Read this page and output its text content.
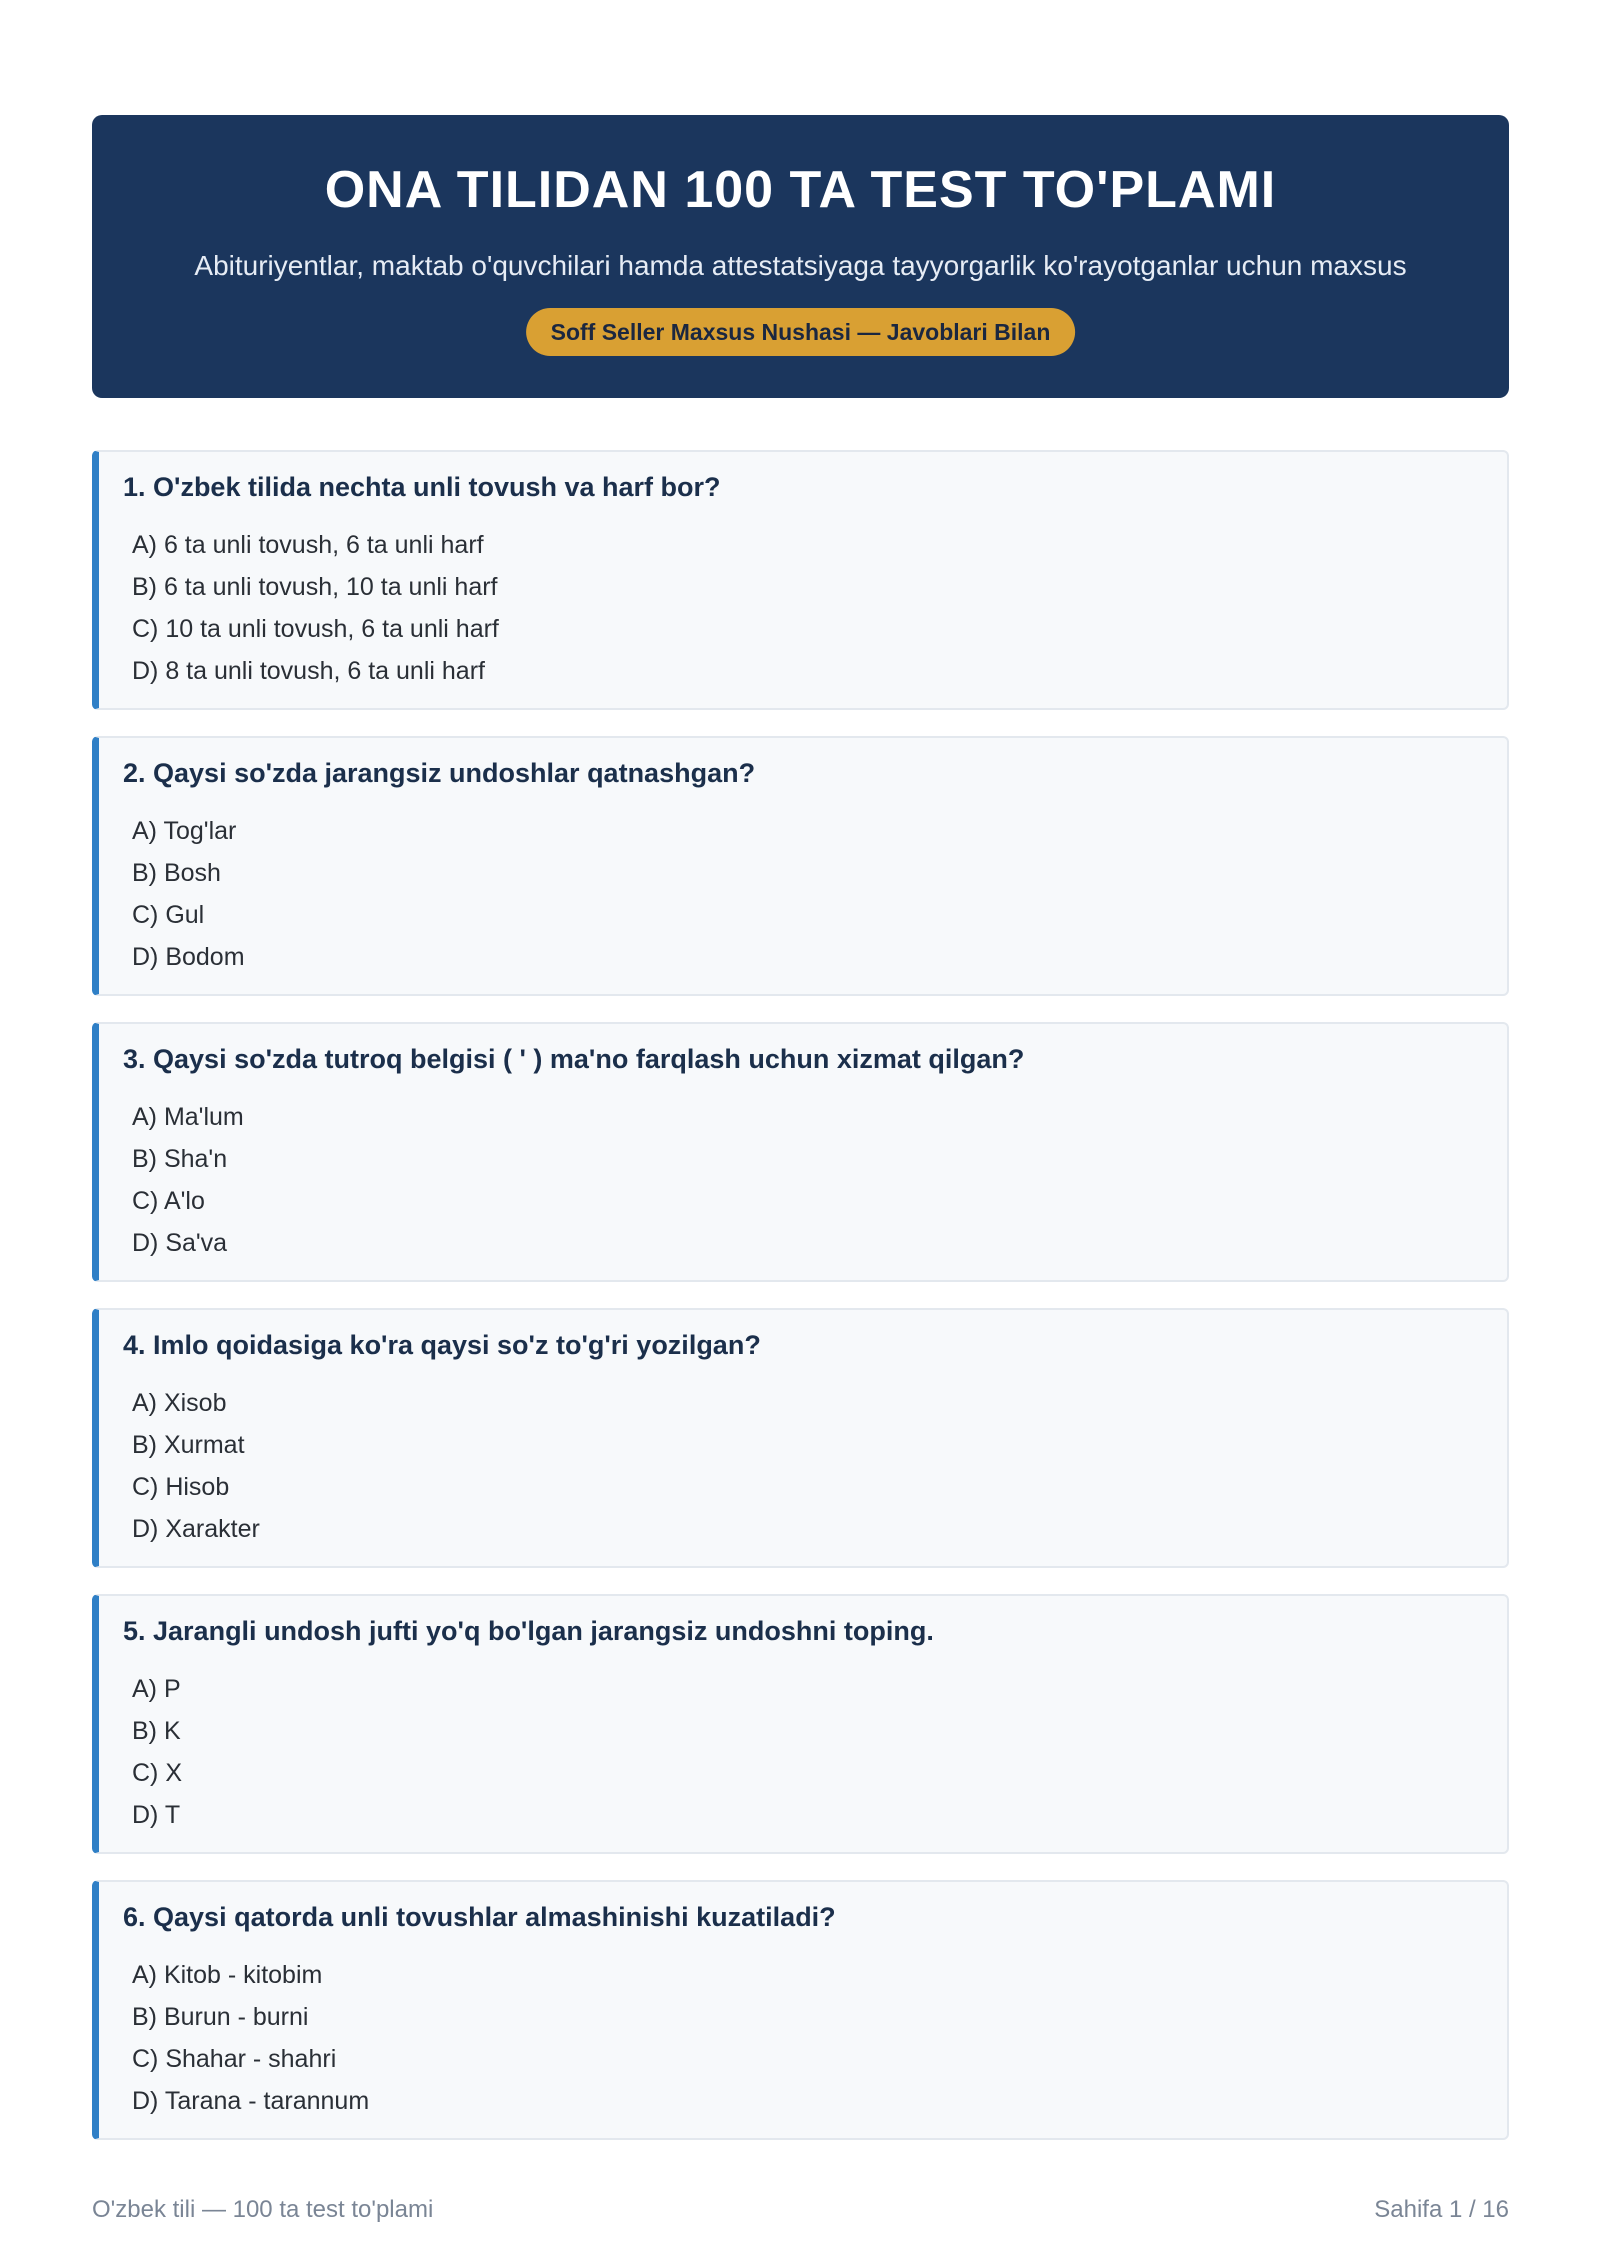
ONA TILIDAN 100 TA TEST TO'PLAMI
Abituriyentlar, maktab o'quvchilari hamda attestatsiyaga tayyorgarlik ko'rayotganlar uchun maxsus
Soff Seller Maxsus Nushasi — Javoblari Bilan
1. O'zbek tilida nechta unli tovush va harf bor?
A) 6 ta unli tovush, 6 ta unli harf
B) 6 ta unli tovush, 10 ta unli harf
C) 10 ta unli tovush, 6 ta unli harf
D) 8 ta unli tovush, 6 ta unli harf
2. Qaysi so'zda jarangsiz undoshlar qatnashgan?
A) Tog'lar
B) Bosh
C) Gul
D) Bodom
3. Qaysi so'zda tutroq belgisi ( ' ) ma'no farqlash uchun xizmat qilgan?
A) Ma'lum
B) Sha'n
C) A'lo
D) Sa'va
4. Imlo qoidasiga ko'ra qaysi so'z to'g'ri yozilgan?
A) Xisob
B) Xurmat
C) Hisob
D) Xarakter
5. Jarangli undosh jufti yo'q bo'lgan jarangsiz undoshni toping.
A) P
B) K
C) X
D) T
6. Qaysi qatorda unli tovushlar almashinishi kuzatiladi?
A) Kitob - kitobim
B) Burun - burni
C) Shahar - shahri
D) Tarana - tarannum
O'zbek tili — 100 ta test to'plami	Sahifa 1 / 16
